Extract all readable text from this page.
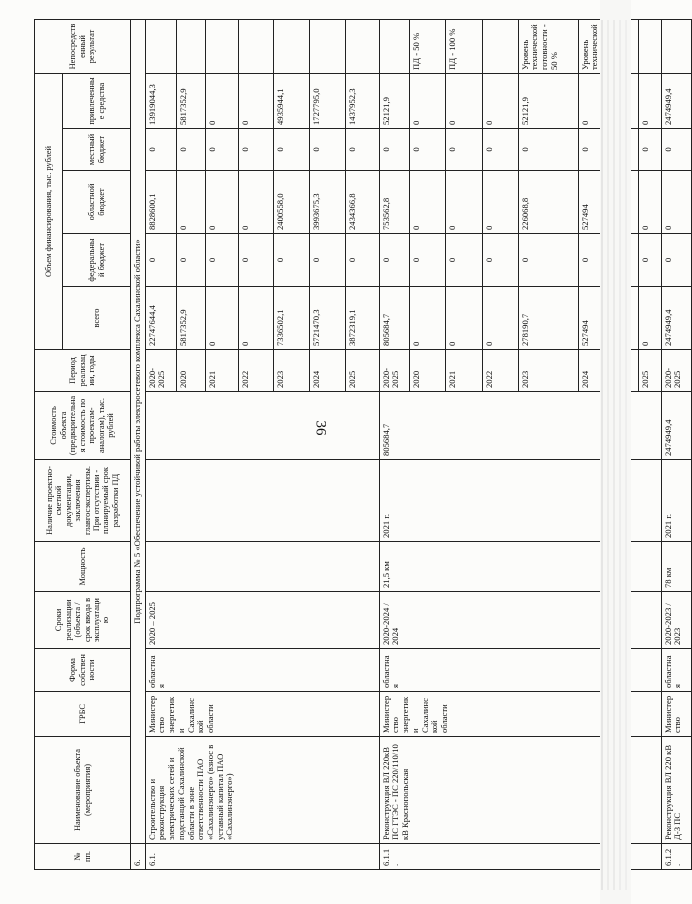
36
№ пп.	Наименование объекта (мероприятия)	ГРБС	Форма собственности	Сроки реализации (объекта / срок ввода в эксплуатацию	Мощность	Наличие проектно-сметной документации, заключения главгосэкспертизы. При отсутствии - планируемый срок разработки ПД	Стоимость объекта (предварительная стоимость по проектам-аналогам), тыс. рублей	Период реализации, годы	Объем финансирования, тыс. рублей					Непосредственный результат
									всего	федеральный бюджет	областной бюджет	местный бюджет	привлеченные средства	
6.	Подпрограмма № 5 «Обеспечение устойчивой работы электросетевого комплекса Сахалинской области»													
6.1.	Строительство и реконструкция электрических сетей и подстанций Сахалинской области в зоне ответственности ПАО «Сахалинэнерго» (взнос в уставный капитал ПАО «Сахалинэнерго»)	Министерство энергетики Сахалинской области	областная	2020 – 2025				2020-2025	22747644,4	0	8828600,1	0	13919044,3	
								2020	5817352,9	0	0	0	5817352,9	
								2021	0	0	0	0	0	
								2022	0	0	0	0	0	
								2023	7336502,1	0	2400558,0	0	4935944,1	
								2024	5721470,3	0	3993675,3	0	1727795,0	
								2025	3872319,1	0	2434366,8	0	1437952,3	
6.1.1.	Реконструкция ВЛ 220кВ ПС ГТЭС - ПС 220/110/10 кВ Краснопольская	Министерство энергетики Сахалинской области	областная	2020-2024 / 2024	21,5 км	2021 г.	805684,7	2020-2025	805684,7	0	753562,8	0	52121,9	
								2020	0	0	0	0	0	ПД - 50 %
								2021	0	0	0	0	0	ПД - 100 %
								2022	0	0	0	0	0	
								2023	278190,7	0	226068,8	0	52121,9	Уровень технической готовности - 50 %
								2024	527494	0	527494	0	0	Уровень технической
								2025	0	0	0	0	0	
6.1.2.	Реконструкция ВЛ 220 кВ Д-3 ПС	Министерство	областная	2020-2023 / 2023	78 км	2021 г.	2474949,4	2020-2025	2474949,4	0	0	0	2474949,4	
